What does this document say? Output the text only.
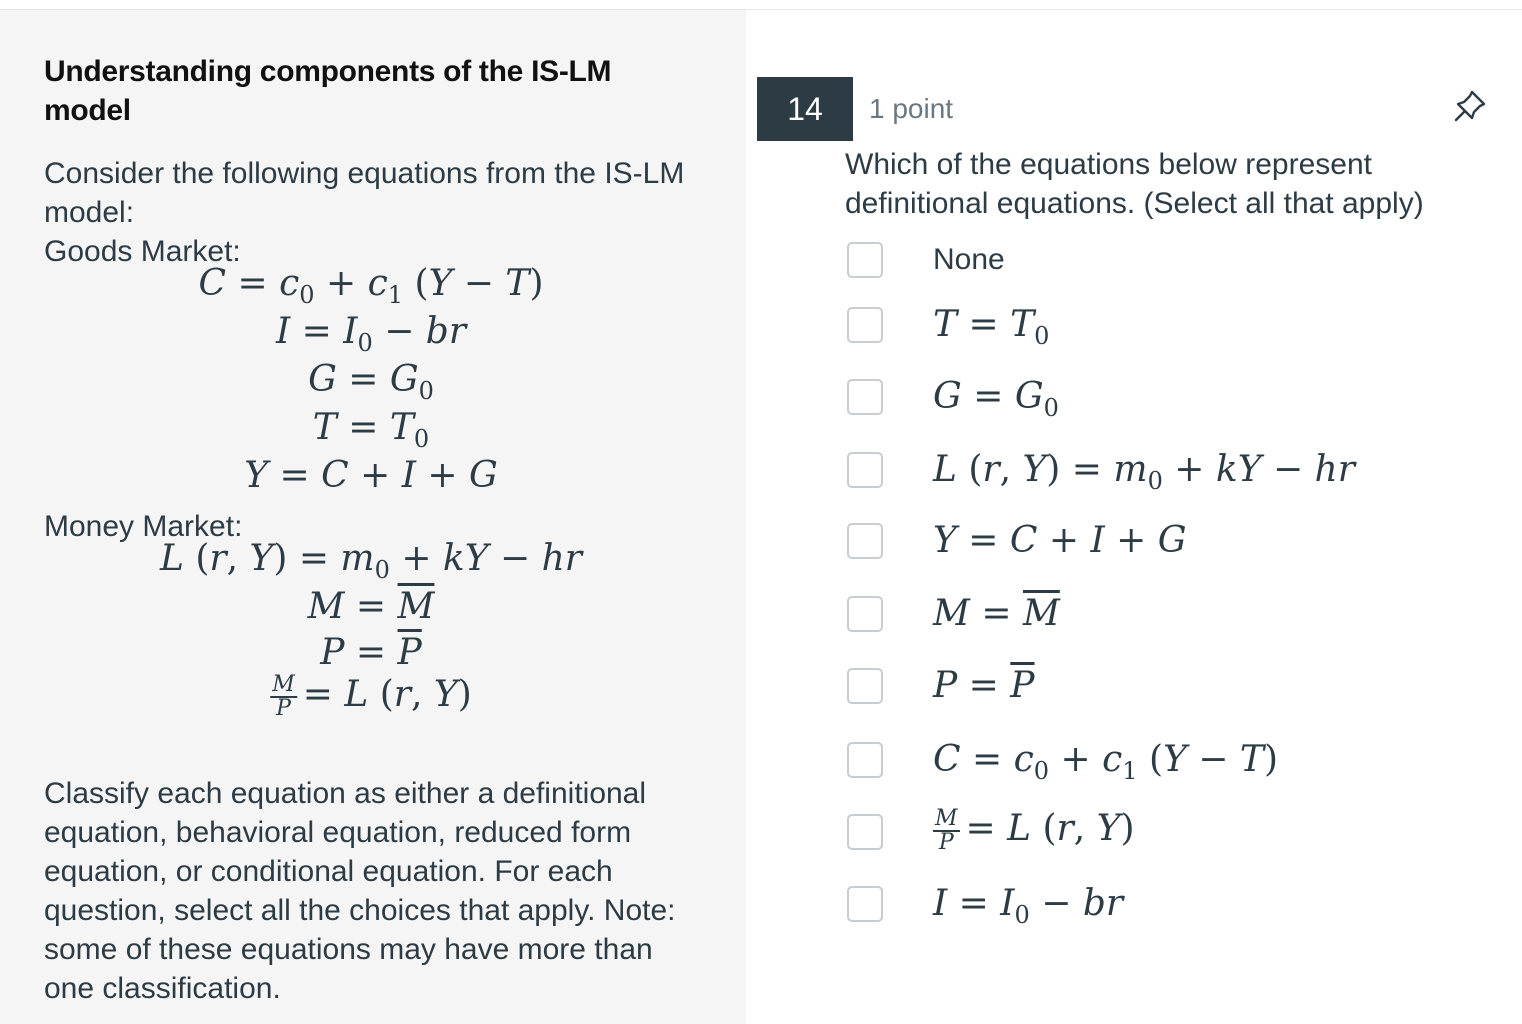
Understanding components of the IS-LM model

Consider the following equations from the IS-LM model:

Goods Market:

$C = c_0 + c_1$ (Y − T)
$I = I_0$ − br
$G = G_0$
$T = T_0$
Y = C + I + G

Money Market:

L (r, $Y) = m_0$ + kY − hr
$M = \overline{M}$
$P = \overline{P}$
$\frac{M}{P} = L$ (r, Y)

Classify each equation as either a definitional equation, behavioral equation, reduced form equation, or conditional equation. For each question, select all the choices that apply. Note: some of these equations may have more than one classification.

14	1 point

Which of the equations below represent definitional equations. (Select all that apply)

None
$T = T_0$
$G = G_0$
L (r, $Y) = m_0$ + kY − hr
Y = C + I + G
$M = \overline{M}$
$P = \overline{P}$
$C = c_0 + c_1$ (Y − T)
$\frac{M}{P} = L$ (r, Y)
$I = I_0$ − br
